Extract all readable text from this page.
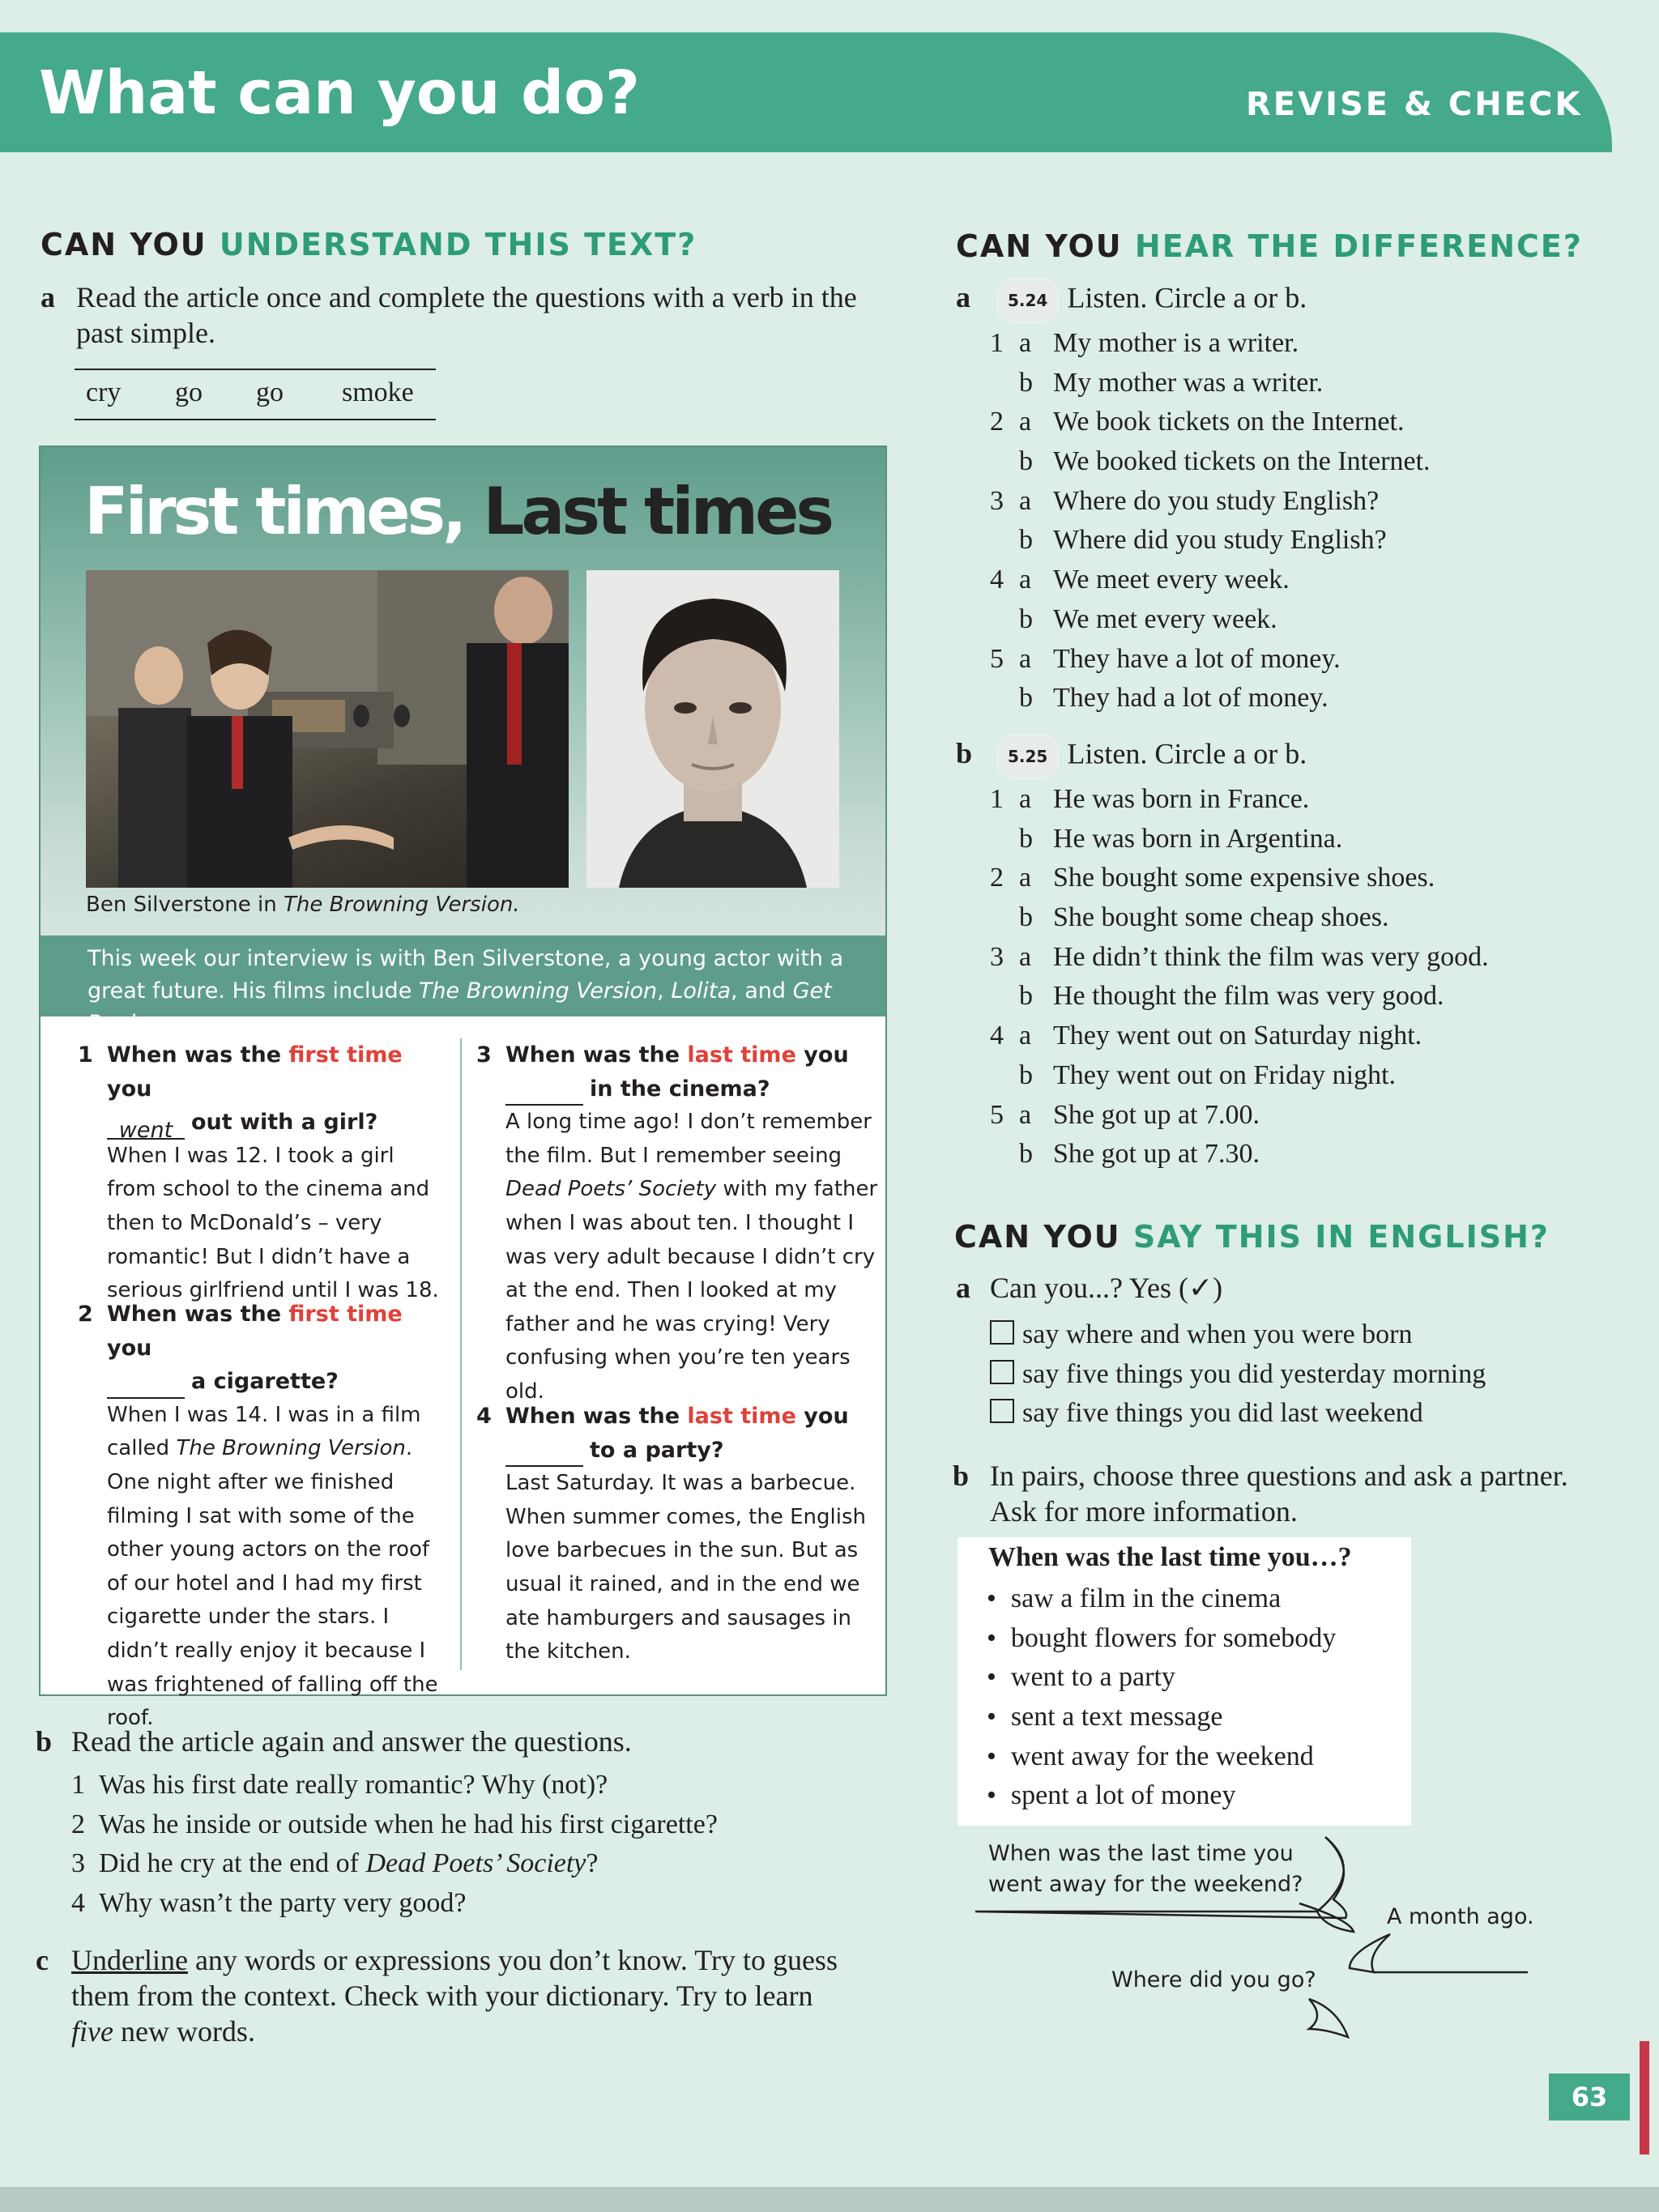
What can you do?	REVISE & CHECK
CAN YOU UNDERSTAND THIS TEXT?
a Read the article once and complete the questions with a verb in the past simple.
cry go go smoke
First times, Last times
Ben Silverstone in The Browning Version.
This week our interview is with Ben Silverstone, a young actor with a great future. His films include The Browning Version, Lolita, and Get Real.
1 When was the first time you
went out with a girl?
When I was 12. I took a girl from school to the cinema and then to McDonald’s – very romantic! But I didn’t have a serious girlfriend until I was 18.
2 When was the first time you
a cigarette?
When I was 14. I was in a film called The Browning Version. One night after we finished filming I sat with some of the other young actors on the roof of our hotel and I had my first cigarette under the stars. I didn’t really enjoy it because I was frightened of falling off the roof.
3 When was the last time you
in the cinema?
A long time ago! I don’t remember the film. But I remember seeing Dead Poets’ Society with my father when I was about ten. I thought I was very adult because I didn’t cry at the end. Then I looked at my father and he was crying! Very confusing when you’re ten years old.
4 When was the last time you
to a party?
Last Saturday. It was a barbecue. When summer comes, the English love barbecues in the sun. But as usual it rained, and in the end we ate hamburgers and sausages in the kitchen.
b Read the article again and answer the questions.
1 Was his first date really romantic? Why (not)?
2 Was he inside or outside when he had his first cigarette?
3 Did he cry at the end of Dead Poets’ Society?
4 Why wasn’t the party very good?
c Underline any words or expressions you don’t know. Try to guess them from the context. Check with your dictionary. Try to learn five new words.
CAN YOU HEAR THE DIFFERENCE?
a	5.24 Listen. Circle a or b.
1 a My mother is a writer.
b My mother was a writer.
2 a We book tickets on the Internet.
b We booked tickets on the Internet.
3 a Where do you study English?
b Where did you study English?
4 a We meet every week.
b We met every week.
5 a They have a lot of money.
b They had a lot of money.
b	5.25 Listen. Circle a or b.
1 a He was born in France.
b He was born in Argentina.
2 a She bought some expensive shoes.
b She bought some cheap shoes.
3 a He didn’t think the film was very good.
b He thought the film was very good.
4 a They went out on Saturday night.
b They went out on Friday night.
5 a She got up at 7.00.
b She got up at 7.30.
CAN YOU SAY THIS IN ENGLISH?
a Can you...? Yes (✓)
say where and when you were born
say five things you did yesterday morning
say five things you did last weekend
b In pairs, choose three questions and ask a partner. Ask for more information.
When was the last time you…?
• saw a film in the cinema
• bought flowers for somebody
• went to a party
• sent a text message
• went away for the weekend
• spent a lot of money
When was the last time you went away for the weekend?
A month ago.
Where did you go?
63
